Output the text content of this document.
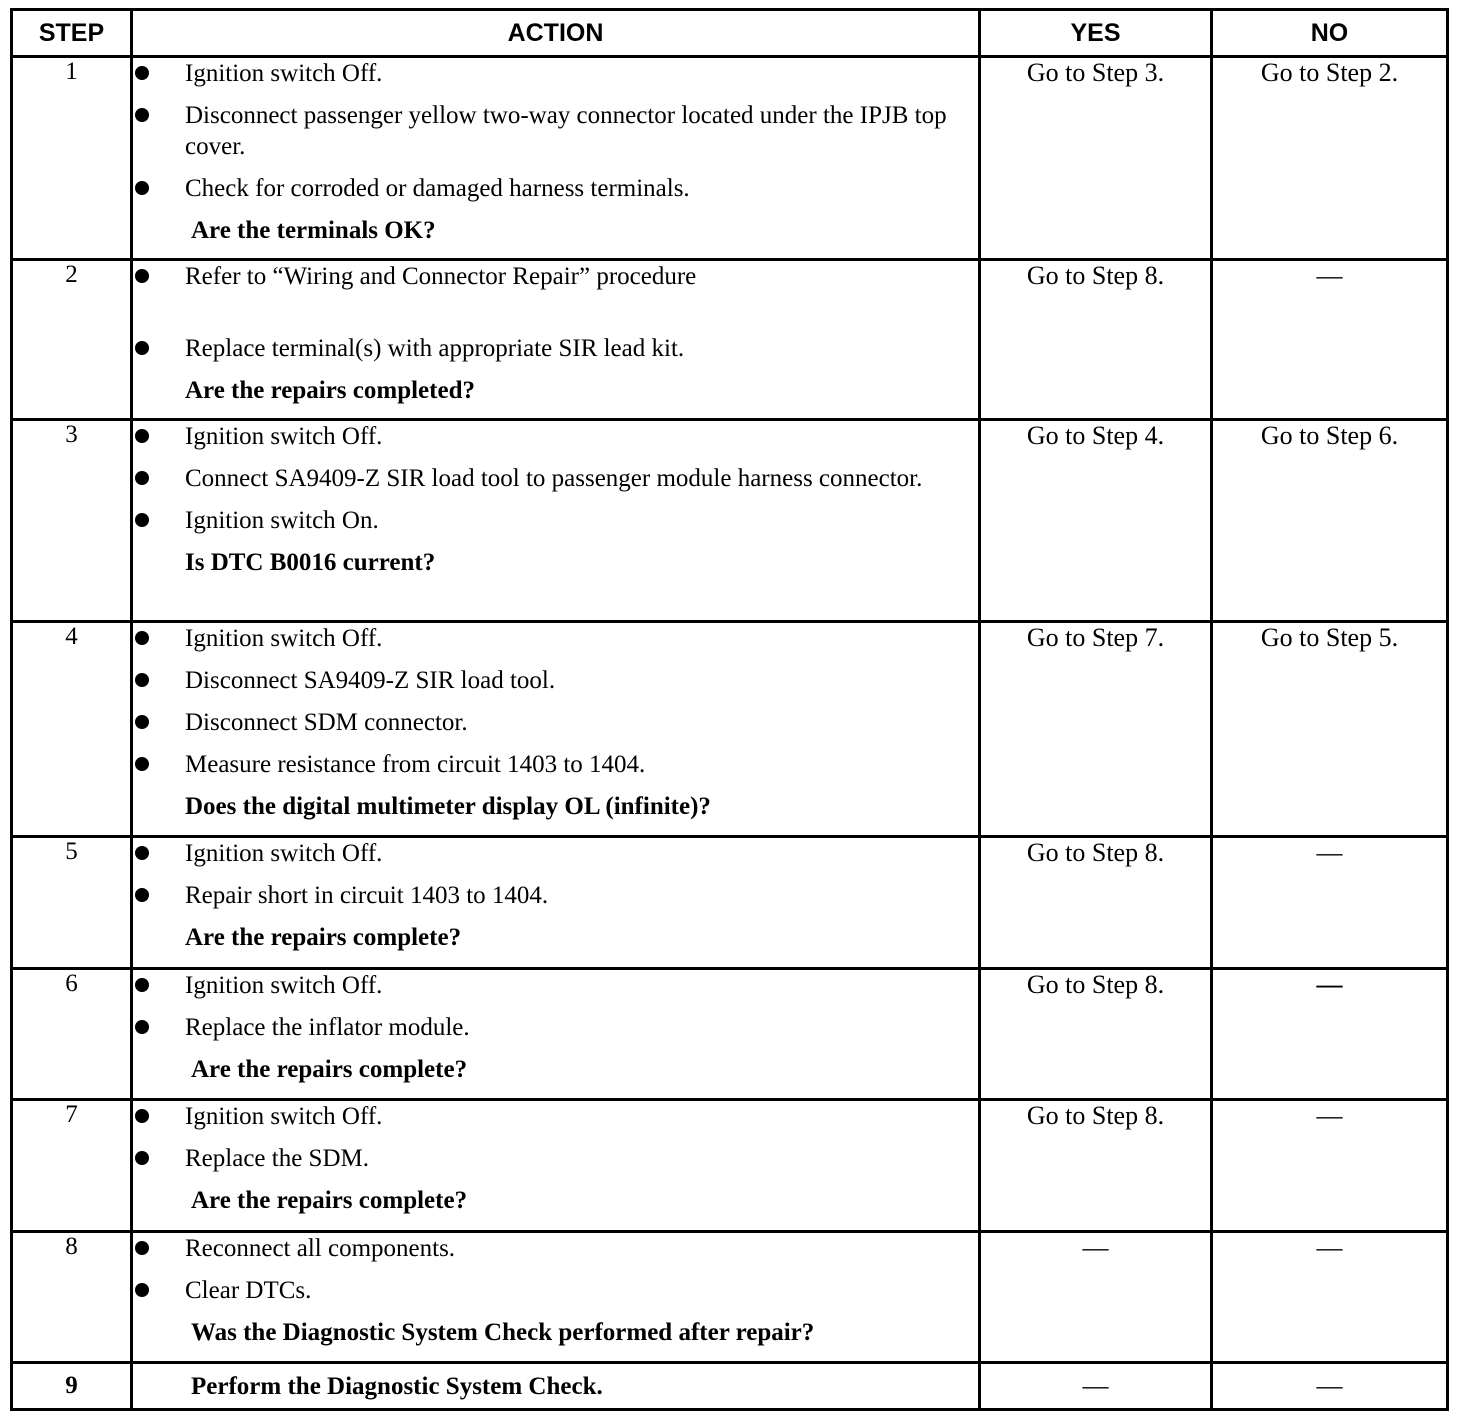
STEP	ACTION	YES	NO
1	Ignition switch Off.
Disconnect passenger yellow two-way connector located under the IPJB top cover.
Check for corroded or damaged harness terminals.
Are the terminals OK?	Go to Step 3.	Go to Step 2.
2	Refer to “Wiring and Connector Repair” procedure
Replace terminal(s) with appropriate SIR lead kit.
Are the repairs completed?	Go to Step 8.	—
3	Ignition switch Off.
Connect SA9409-Z SIR load tool to passenger module harness connector.
Ignition switch On.
Is DTC B0016 current?	Go to Step 4.	Go to Step 6.
4	Ignition switch Off.
Disconnect SA9409-Z SIR load tool.
Disconnect SDM connector.
Measure resistance from circuit 1403 to 1404.
Does the digital multimeter display OL (infinite)?	Go to Step 7.	Go to Step 5.
5	Ignition switch Off.
Repair short in circuit 1403 to 1404.
Are the repairs complete?	Go to Step 8.	—
6	Ignition switch Off.
Replace the inflator module.
Are the repairs complete?	Go to Step 8.	—
7	Ignition switch Off.
Replace the SDM.
Are the repairs complete?	Go to Step 8.	—
8	Reconnect all components.
Clear DTCs.
Was the Diagnostic System Check performed after repair?	—	—
9	Perform the Diagnostic System Check.	—	—
